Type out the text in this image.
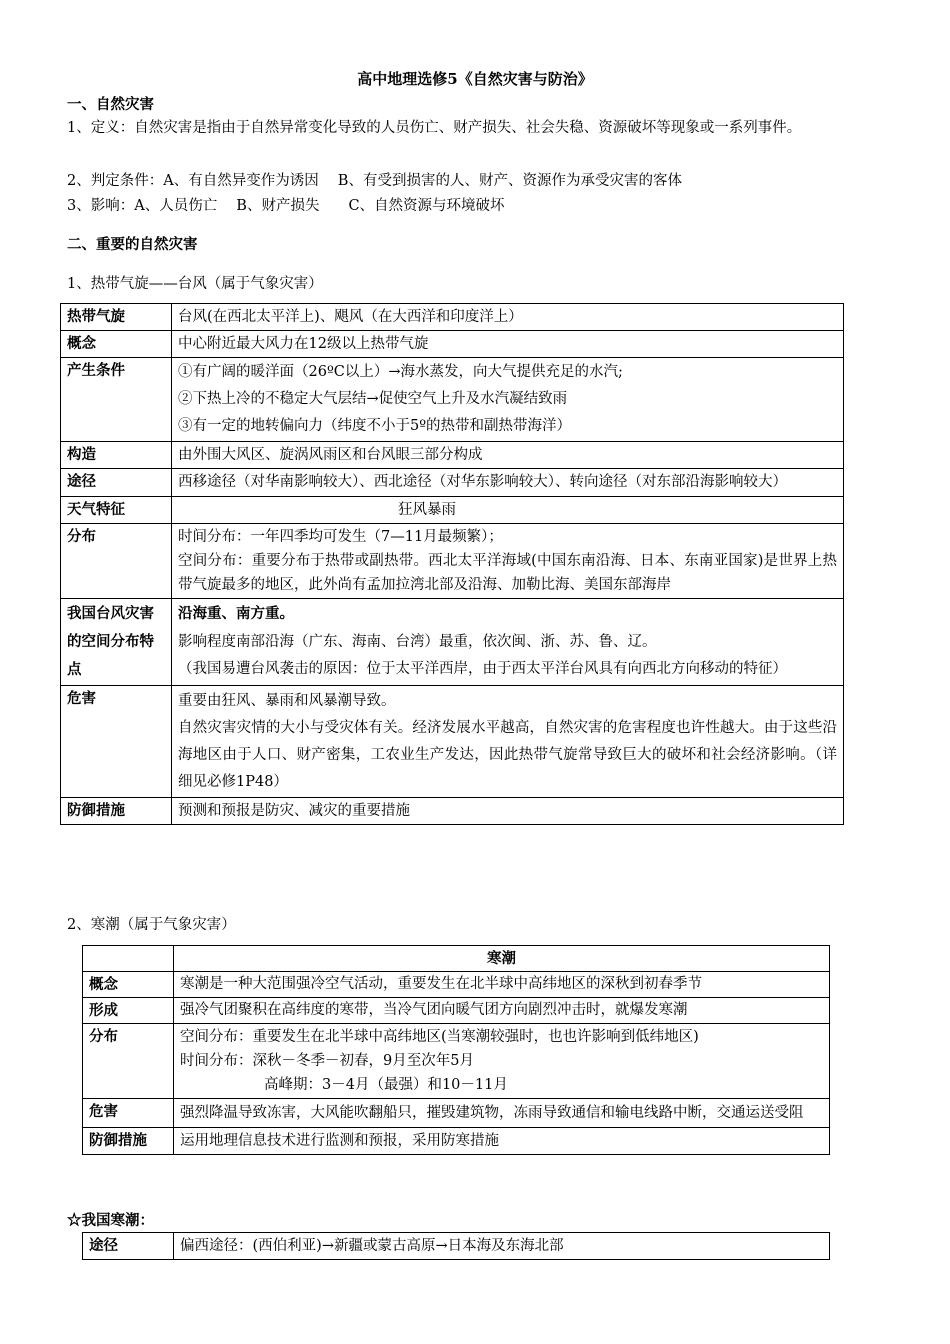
高中地理选修5《自然灾害与防治》
一、自然灾害
1、定义：自然灾害是指由于自然异常变化导致的人员伤亡、财产损失、社会失稳、资源破坏等现象或一系列事件。
2、判定条件：A、有自然异变作为诱因　 B、有受到损害的人、财产、资源作为承受灾害的客体
3、影响：A、人员伤亡　 B、财产损失　　C、自然资源与环境破坏
二、重要的自然灾害
1、热带气旋——台风（属于气象灾害）
热带气旋	台风(在西北太平洋上)、飓风（在大西洋和印度洋上）
概念	中心附近最大风力在12级以上热带气旋
产生条件	①有广阔的暖洋面（26ºC以上）→海水蒸发，向大气提供充足的水汽;
②下热上冷的不稳定大气层结→促使空气上升及水汽凝结致雨
③有一定的地转偏向力（纬度不小于5º的热带和副热带海洋）

构造	由外围大风区、旋涡风雨区和台风眼三部分构成
途径	西移途径（对华南影响较大）、西北途径（对华东影响较大）、转向途径（对东部沿海影响较大）
天气特征	狂风暴雨
分布	时间分布：一年四季均可发生（7—11月最频繁）；
空间分布：重要分布于热带或副热带。西北太平洋海域(中国东南沿海、日本、东南亚国家)是世界上热带气旋最多的地区，此外尚有孟加拉湾北部及沿海、加勒比海、美国东部海岸

我国台风灾害的空间分布特点	沿海重、南方重。
影响程度南部沿海（广东、海南、台湾）最重，依次闽、浙、苏、鲁、辽。
（我国易遭台风袭击的原因：位于太平洋西岸，由于西太平洋台风具有向西北方向移动的特征）

危害	重要由狂风、暴雨和风暴潮导致。
自然灾害灾情的大小与受灾体有关。经济发展水平越高，自然灾害的危害程度也许性越大。由于这些沿海地区由于人口、财产密集，工农业生产发达，因此热带气旋常导致巨大的破坏和社会经济影响。（详细见必修1P48）

防御措施	预测和预报是防灾、减灾的重要措施
2、寒潮（属于气象灾害）
	寒潮
概念	寒潮是一种大范围强冷空气活动，重要发生在北半球中高纬地区的深秋到初春季节
形成	强冷气团聚积在高纬度的寒带，当冷气团向暖气团方向剧烈冲击时，就爆发寒潮
分布	空间分布：重要发生在北半球中高纬地区(当寒潮较强时，也也许影响到低纬地区)
时间分布：深秋－冬季－初春，9月至次年5月
高峰期：3－4月（最强）和10－11月

危害	强烈降温导致冻害，大风能吹翻船只，摧毁建筑物，冻雨导致通信和输电线路中断，交通运送受阻
防御措施	运用地理信息技术进行监测和预报，采用防寒措施
☆我国寒潮：
途径	偏西途径：(西伯利亚)→新疆或蒙古高原→日本海及东海北部
